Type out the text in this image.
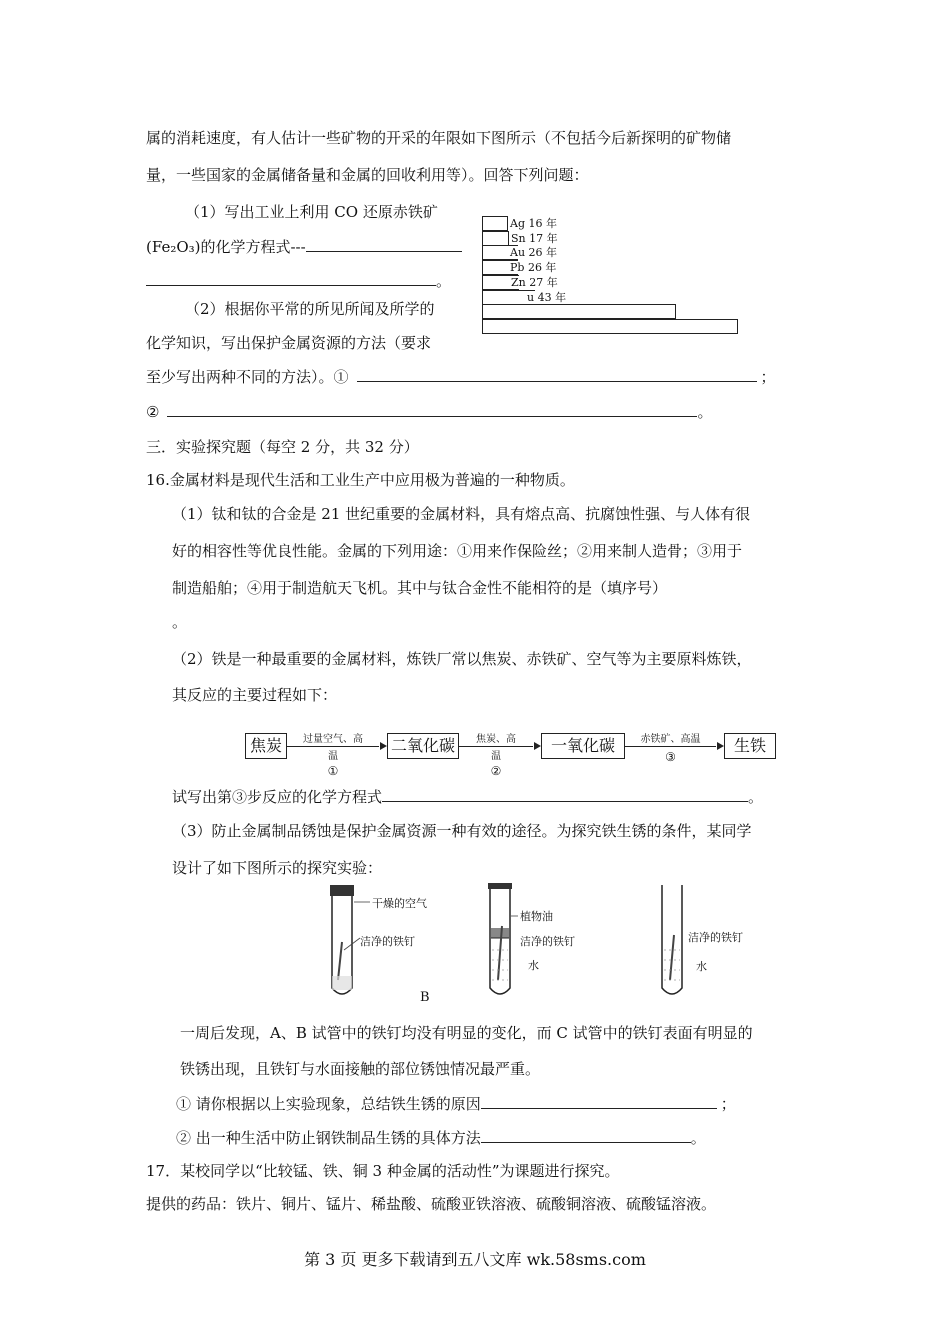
属的消耗速度，有人估计一些矿物的开采的年限如下图所示（不包括今后新探明的矿物储
量，一些国家的金属储备量和金属的回收利用等）。回答下列问题：
（1）写出工业上利用 CO 还原赤铁矿
(Fe₂O₃)的化学方程式---
。
（2）根据你平常的所见所闻及所学的
化学知识，写出保护金属资源的方法（要求
至少写出两种不同的方法）。①	；
②	。
Ag 16 年
Sn 17 年
Au 26 年
Pb 26 年
Zn 27 年
u 43 年
三．实验探究题（每空 2 分，共 32 分）
16.金属材料是现代生活和工业生产中应用极为普遍的一种物质。
（1）钛和钛的合金是 21 世纪重要的金属材料，具有熔点高、抗腐蚀性强、与人体有很
好的相容性等优良性能。金属的下列用途：①用来作保险丝；②用来制人造骨；③用于
制造船舶；④用于制造航天飞机。其中与钛合金性不能相符的是（填序号）
。
（2）铁是一种最重要的金属材料，炼铁厂常以焦炭、赤铁矿、空气等为主要原料炼铁，
其反应的主要过程如下：
焦炭	二氧化碳	一氧化碳	生铁
过量空气、高
温
①
焦炭、高
温
②
赤铁矿、高温
③
试写出第③步反应的化学方程式	。
（3）防止金属制品锈蚀是保护金属资源一种有效的途径。为探究铁生锈的条件，某同学
设计了如下图所示的探究实验：
干燥的空气
洁净的铁钉
植物油
洁净的铁钉
水
B
洁净的铁钉
水
一周后发现，A、B 试管中的铁钉均没有明显的变化，而 C 试管中的铁钉表面有明显的
铁锈出现，且铁钉与水面接触的部位锈蚀情况最严重。
① 请你根据以上实验现象，总结铁生锈的原因	；
② 出一种生活中防止钢铁制品生锈的具体方法	。
17．某校同学以“比较锰、铁、铜 3 种金属的活动性”为课题进行探究。
提供的药品：铁片、铜片、锰片、稀盐酸、硫酸亚铁溶液、硫酸铜溶液、硫酸锰溶液。
第 3 页 更多下载请到五八文库 wk.58sms.com
